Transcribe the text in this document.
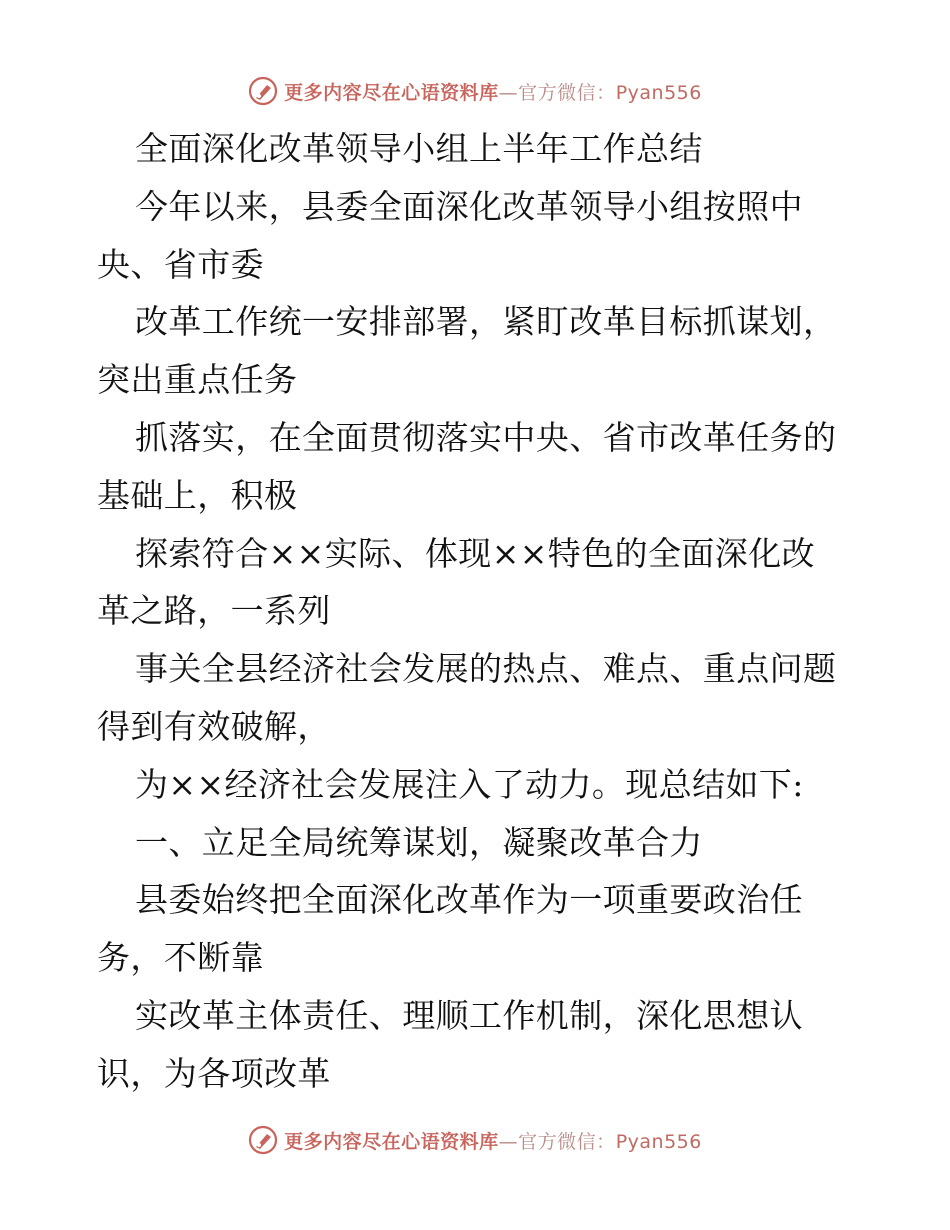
更多内容尽在心语资料库—官方微信：Pyan556
全面深化改革领导小组上半年工作总结
今年以来，县委全面深化改革领导小组按照中
央、省市委
改革工作统一安排部署，紧盯改革目标抓谋划，
突出重点任务
抓落实，在全面贯彻落实中央、省市改革任务的
基础上，积极
探索符合××实际、体现××特色的全面深化改
革之路，一系列
事关全县经济社会发展的热点、难点、重点问题
得到有效破解，
为××经济社会发展注入了动力。现总结如下:
一、立足全局统筹谋划，凝聚改革合力
县委始终把全面深化改革作为一项重要政治任
务，不断靠
实改革主体责任、理顺工作机制，深化思想认
识，为各项改革
更多内容尽在心语资料库—官方微信：Pyan556
